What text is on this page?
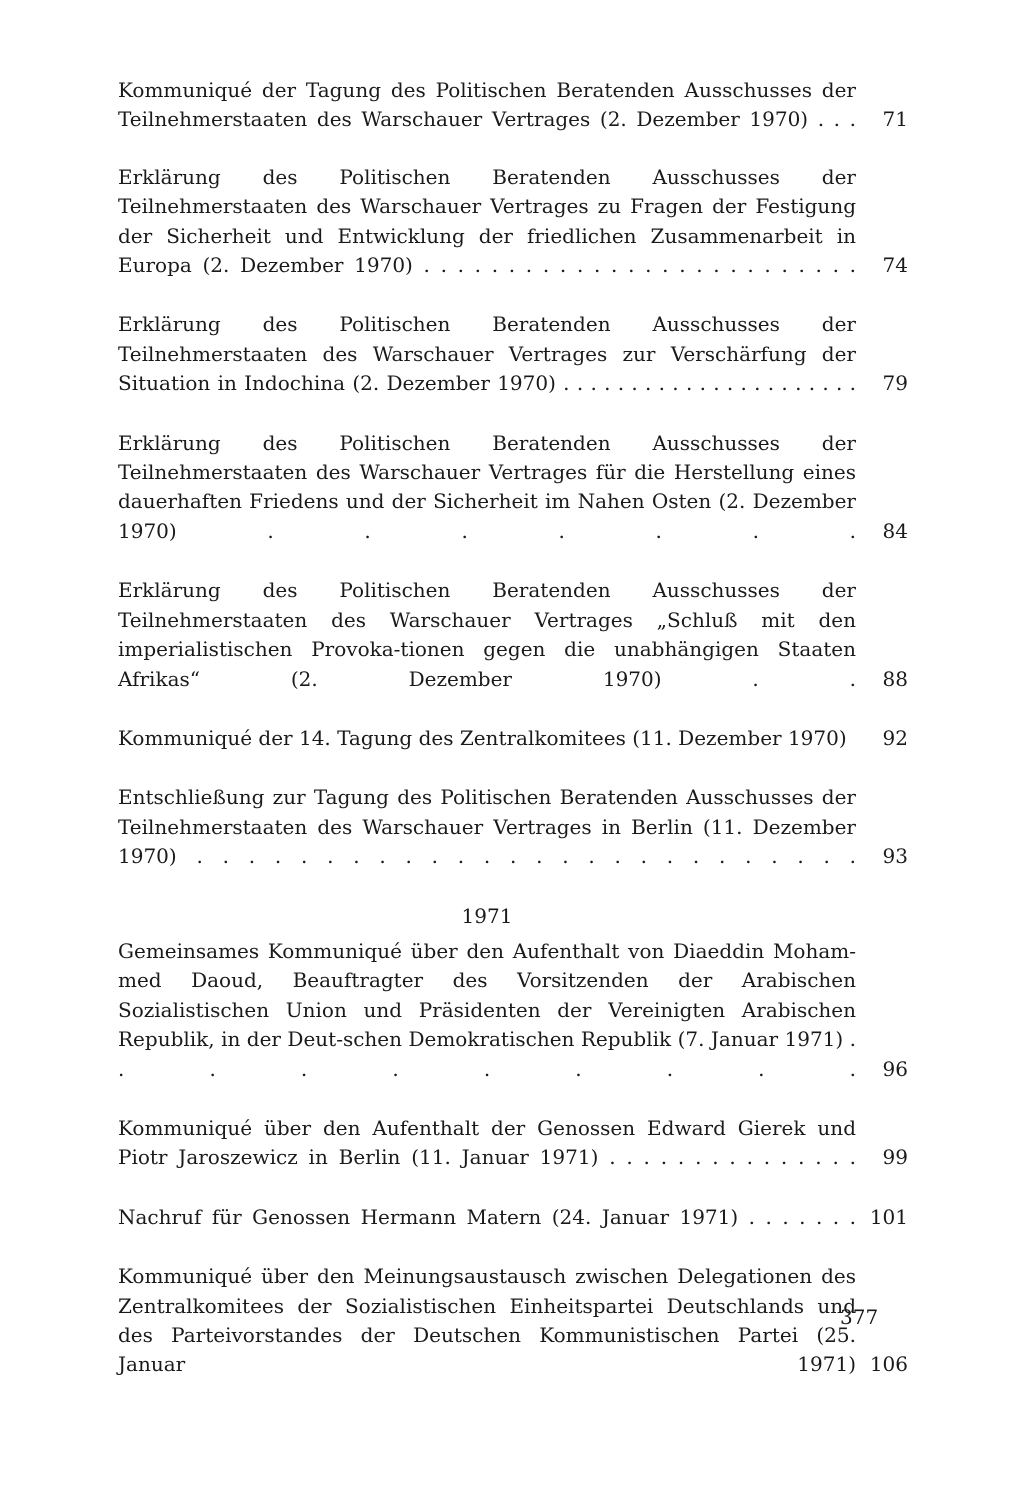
Kommuniqué der Tagung des Politischen Beratenden Ausschusses der Teilnehmerstaaten des Warschauer Vertrages (2. Dezember 1970) . . .	71
Erklärung des Politischen Beratenden Ausschusses der Teilnehmerstaaten des Warschauer Vertrages zu Fragen der Festigung der Sicherheit und Entwicklung der friedlichen Zusammenarbeit in Europa (2. Dezember 1970) . . . . . . . . . . . . . . . . . . . . . . . . . .	74
Erklärung des Politischen Beratenden Ausschusses der Teilnehmerstaaten des Warschauer Vertrages zur Verschärfung der Situation in Indochina (2. Dezember 1970) . . . . . . . . . . . . . . . . . . . . . .	79
Erklärung des Politischen Beratenden Ausschusses der Teilnehmerstaaten des Warschauer Vertrages für die Herstellung eines dauerhaften Friedens und der Sicherheit im Nahen Osten (2. Dezember 1970) . . . . . . .	84
Erklärung des Politischen Beratenden Ausschusses der Teilnehmerstaaten des Warschauer Vertrages „Schluß mit den imperialistischen Provoka-tionen gegen die unabhängigen Staaten Afrikas“ (2. Dezember 1970) . .	88
Kommuniqué der 14. Tagung des Zentralkomitees (11. Dezember 1970)	92
Entschließung zur Tagung des Politischen Beratenden Ausschusses der Teilnehmerstaaten des Warschauer Vertrages in Berlin (11. Dezember 1970) . . . . . . . . . . . . . . . . . . . . . . . . . .	93
1971
Gemeinsames Kommuniqué über den Aufenthalt von Diaeddin Moham-med Daoud, Beauftragter des Vorsitzenden der Arabischen Sozialistischen Union und Präsidenten der Vereinigten Arabischen Republik, in der Deut-schen Demokratischen Republik (7. Januar 1971) . . . . . . . . . .	96
Kommuniqué über den Aufenthalt der Genossen Edward Gierek und Piotr Jaroszewicz in Berlin (11. Januar 1971) . . . . . . . . . . . . . . .	99
Nachruf für Genossen Hermann Matern (24. Januar 1971) . . . . . . . 101
Kommuniqué über den Meinungsaustausch zwischen Delegationen des Zentralkomitees der Sozialistischen Einheitspartei Deutschlands und des Parteivorstandes der Deutschen Kommunistischen Partei (25. Januar 1971) 106
377
